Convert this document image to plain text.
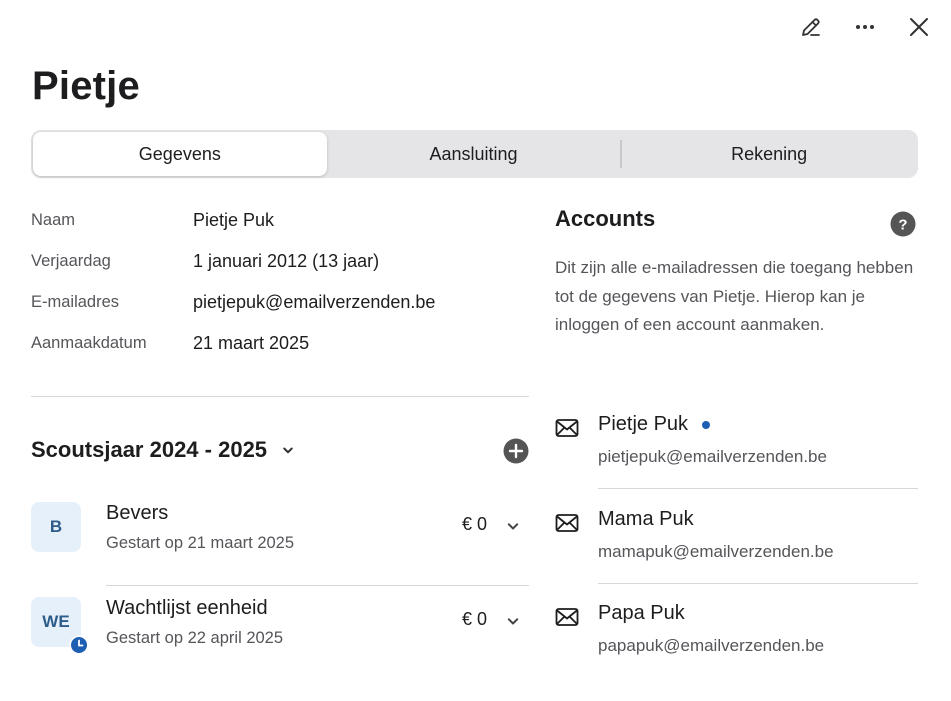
Pietje
Gegevens	Aansluiting	Rekening
Naam	Pietje Puk
Verjaardag	1 januari 2012 (13 jaar)
E-mailadres	pietjepuk@emailverzenden.be
Aanmaakdatum	21 maart 2025
Scoutsjaar 2024 - 2025
B
Bevers
Gestart op 21 maart 2025
€ 0
WE
Wachtlijst eenheid
Gestart op 22 april 2025
€ 0
Accounts	?

Dit zijn alle e-mailadressen die toegang hebben tot de gegevens van Pietje. Hierop kan je inloggen of een account aanmaken.

Pietje Puk
pietjepuk@emailverzenden.be
Mama Puk
mamapuk@emailverzenden.be
Papa Puk
papapuk@emailverzenden.be
